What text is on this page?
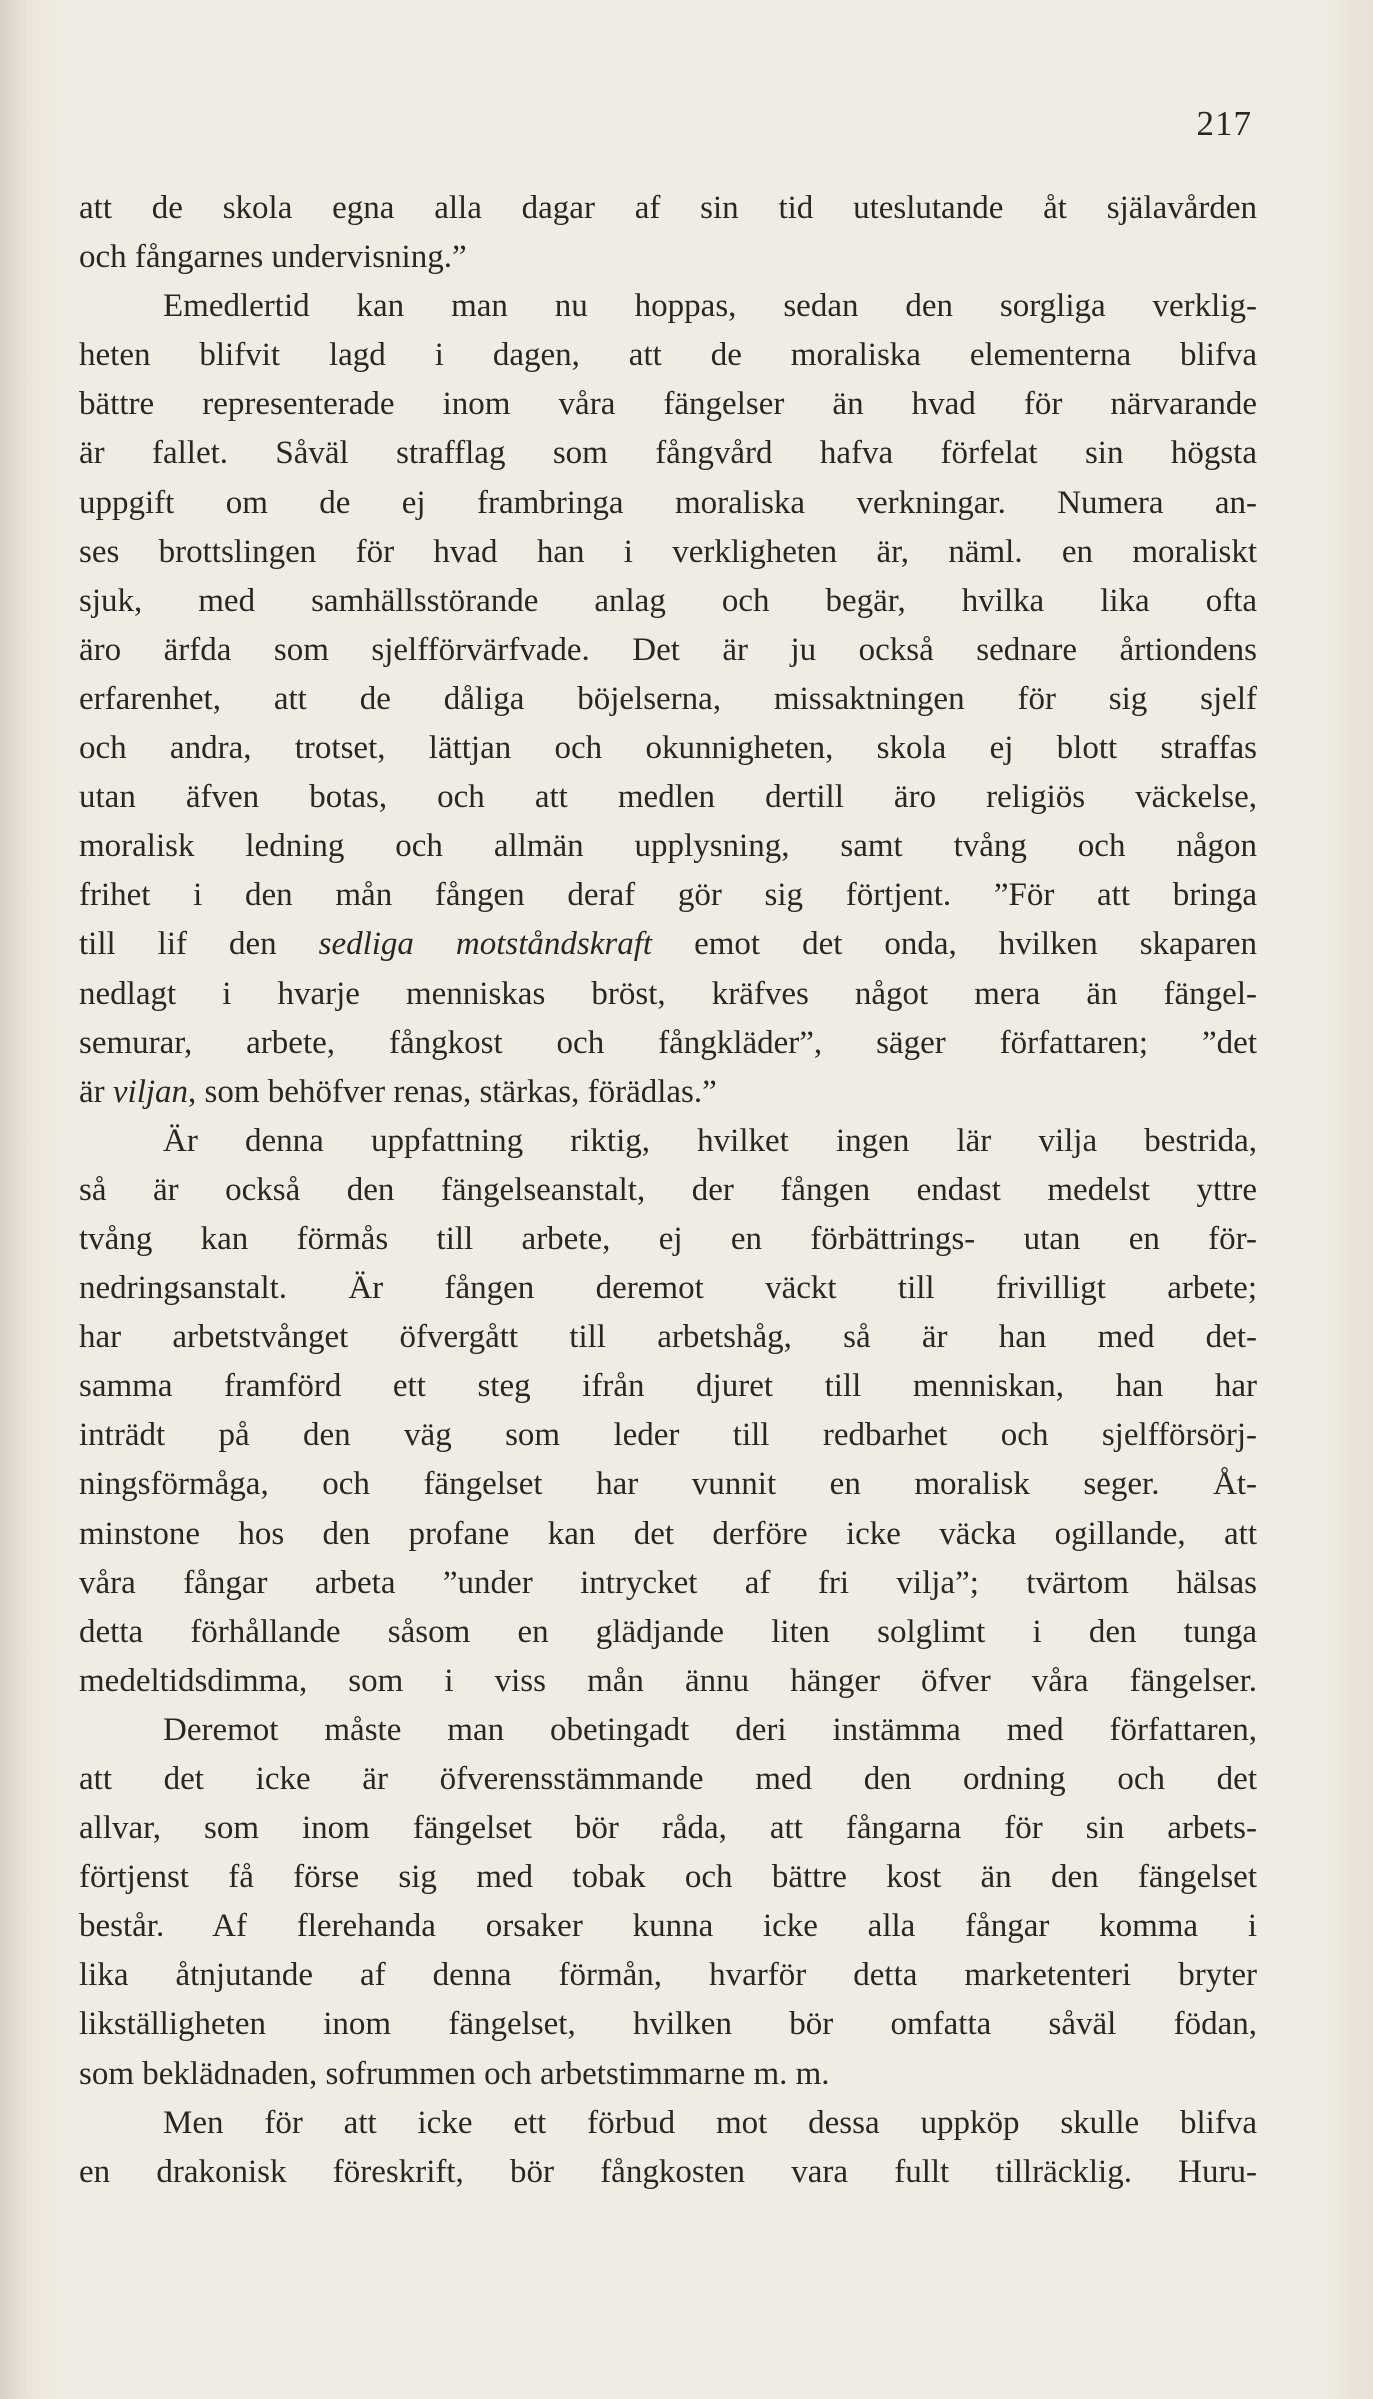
217
att de skola egna alla dagar af sin tid uteslutande åt själavården
och fångarnes undervisning.”
Emedlertid kan man nu hoppas, sedan den sorgliga verklig-
heten blifvit lagd i dagen, att de moraliska elementerna blifva
bättre representerade inom våra fängelser än hvad för närvarande
är fallet. Såväl strafflag som fångvård hafva förfelat sin högsta
uppgift om de ej frambringa moraliska verkningar. Numera an-
ses brottslingen för hvad han i verkligheten är, näml. en moraliskt
sjuk, med samhällsstörande anlag och begär, hvilka lika ofta
äro ärfda som sjelfförvärfvade. Det är ju också sednare årtiondens
erfarenhet, att de dåliga böjelserna, missaktningen för sig sjelf
och andra, trotset, lättjan och okunnigheten, skola ej blott straffas
utan äfven botas, och att medlen dertill äro religiös väckelse,
moralisk ledning och allmän upplysning, samt tvång och någon
frihet i den mån fången deraf gör sig förtjent. ”För att bringa
till lif den sedliga motståndskraft emot det onda, hvilken skaparen
nedlagt i hvarje menniskas bröst, kräfves något mera än fängel-
semurar, arbete, fångkost och fångkläder”, säger författaren; ”det
är viljan, som behöfver renas, stärkas, förädlas.”
Är denna uppfattning riktig, hvilket ingen lär vilja bestrida,
så är också den fängelseanstalt, der fången endast medelst yttre
tvång kan förmås till arbete, ej en förbättrings- utan en för-
nedringsanstalt. Är fången deremot väckt till frivilligt arbete;
har arbetstvånget öfvergått till arbetshåg, så är han med det-
samma framförd ett steg ifrån djuret till menniskan, han har
inträdt på den väg som leder till redbarhet och sjelfförsörj-
ningsförmåga, och fängelset har vunnit en moralisk seger. Åt-
minstone hos den profane kan det derföre icke väcka ogillande, att
våra fångar arbeta ”under intrycket af fri vilja”; tvärtom hälsas
detta förhållande såsom en glädjande liten solglimt i den tunga
medeltidsdimma, som i viss mån ännu hänger öfver våra fängelser.
Deremot måste man obetingadt deri instämma med författaren,
att det icke är öfverensstämmande med den ordning och det
allvar, som inom fängelset bör råda, att fångarna för sin arbets-
förtjenst få förse sig med tobak och bättre kost än den fängelset
består. Af flerehanda orsaker kunna icke alla fångar komma i
lika åtnjutande af denna förmån, hvarför detta marketenteri bryter
likställigheten inom fängelset, hvilken bör omfatta såväl födan,
som beklädnaden, sofrummen och arbetstimmarne m. m.
Men för att icke ett förbud mot dessa uppköp skulle blifva
en drakonisk föreskrift, bör fångkosten vara fullt tillräcklig. Huru-
